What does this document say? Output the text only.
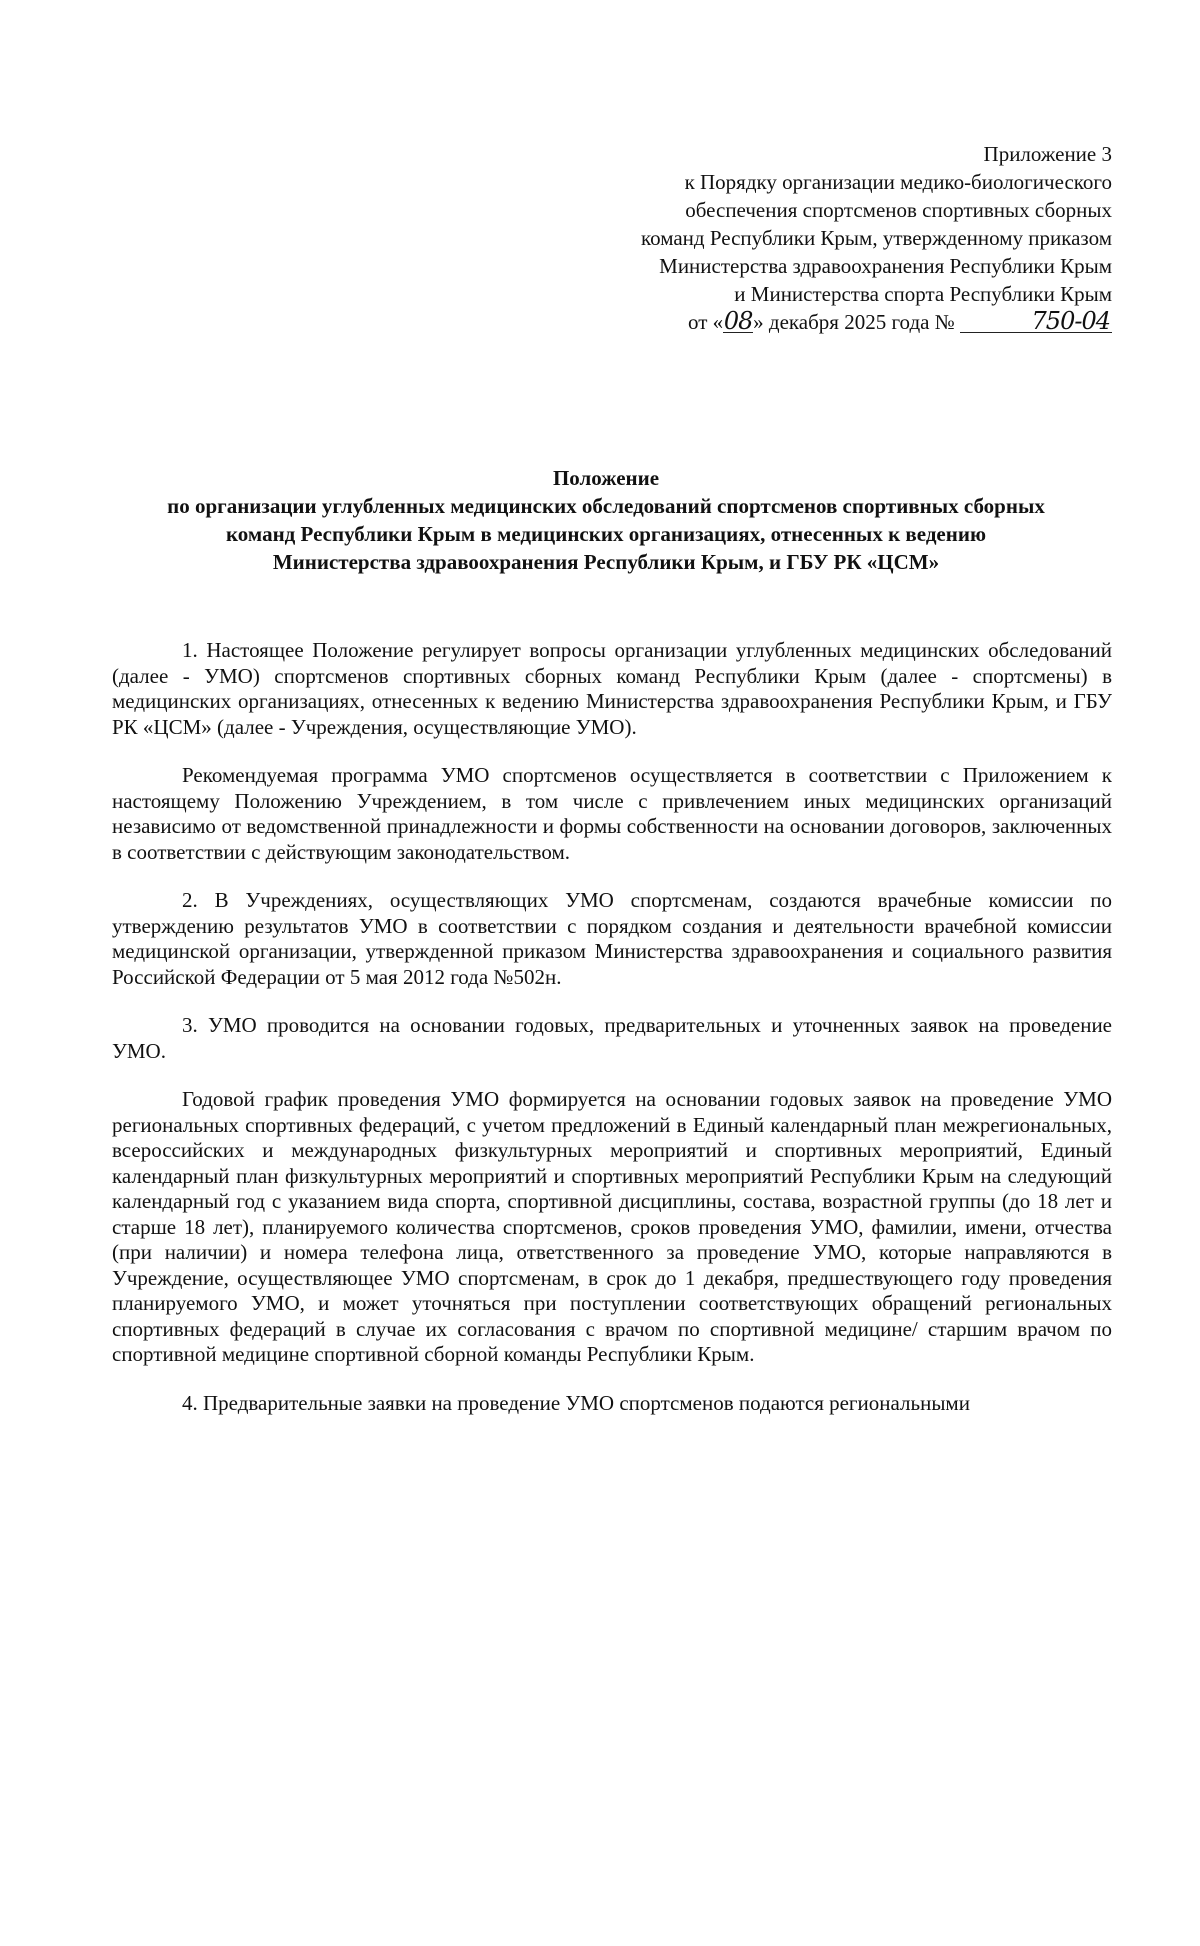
Приложение 3
к Порядку организации медико-биологического
обеспечения спортсменов спортивных сборных
команд Республики Крым, утвержденному приказом
Министерства здравоохранения Республики Крым
и Министерства спорта Республики Крым
от «08» декабря 2025 года №	750-04
Положение
по организации углубленных медицинских обследований спортсменов спортивных сборных
команд Республики Крым в медицинских организациях, отнесенных к ведению
Министерства здравоохранения Республики Крым, и ГБУ РК «ЦСМ»

1. Настоящее Положение регулирует вопросы организации углубленных медицинских обследований (далее - УМО) спортсменов спортивных сборных команд Республики Крым (далее - спортсмены) в медицинских организациях, отнесенных к ведению Министерства здравоохранения Республики Крым, и ГБУ РК «ЦСМ» (далее - Учреждения, осуществляющие УМО).

Рекомендуемая программа УМО спортсменов осуществляется в соответствии с Приложением к настоящему Положению Учреждением, в том числе с привлечением иных медицинских организаций независимо от ведомственной принадлежности и формы собственности на основании договоров, заключенных в соответствии с действующим законодательством.

2. В Учреждениях, осуществляющих УМО спортсменам, создаются врачебные комиссии по утверждению результатов УМО в соответствии с порядком создания и деятельности врачебной комиссии медицинской организации, утвержденной приказом Министерства здравоохранения и социального развития Российской Федерации от 5 мая 2012 года №502н.

3. УМО проводится на основании годовых, предварительных и уточненных заявок на проведение УМО.

Годовой график проведения УМО формируется на основании годовых заявок на проведение УМО региональных спортивных федераций, с учетом предложений в Единый календарный план межрегиональных, всероссийских и международных физкультурных мероприятий и спортивных мероприятий, Единый календарный план физкультурных мероприятий и спортивных мероприятий Республики Крым на следующий календарный год с указанием вида спорта, спортивной дисциплины, состава, возрастной группы (до 18 лет и старше 18 лет), планируемого количества спортсменов, сроков проведения УМО, фамилии, имени, отчества (при наличии) и номера телефона лица, ответственного за проведение УМО, которые направляются в Учреждение, осуществляющее УМО спортсменам, в срок до 1 декабря, предшествующего году проведения планируемого УМО, и может уточняться при поступлении соответствующих обращений региональных спортивных федераций в случае их согласования с врачом по спортивной медицине/ старшим врачом по спортивной медицине спортивной сборной команды Республики Крым.

4. Предварительные заявки на проведение УМО спортсменов подаются региональными
